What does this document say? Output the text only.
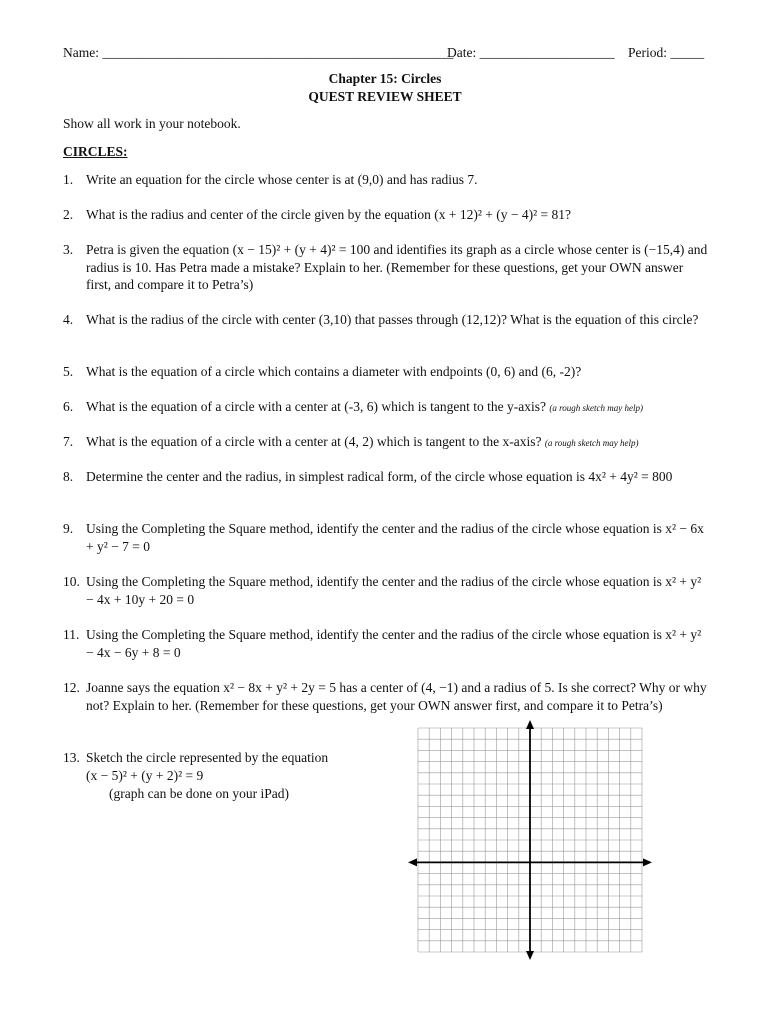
Name: ____________________________________________________
Date: ____________________ Period: _____
Chapter 15: Circles
QUEST REVIEW SHEET
Show all work in your notebook.
CIRCLES:
1. Write an equation for the circle whose center is at (9,0) and has radius 7.
2. What is the radius and center of the circle given by the equation (x + 12)² + (y − 4)² = 81?
3. Petra is given the equation (x − 15)² + (y + 4)² = 100 and identifies its graph as a circle whose center is (−15,4) and radius is 10. Has Petra made a mistake? Explain to her. (Remember for these questions, get your OWN answer first, and compare it to Petra’s)
4. What is the radius of the circle with center (3,10) that passes through (12,12)? What is the equation of this circle?
5. What is the equation of a circle which contains a diameter with endpoints (0, 6) and (6, -2)?
6. What is the equation of a circle with a center at (-3, 6) which is tangent to the y-axis? (a rough sketch may help)
7. What is the equation of a circle with a center at (4, 2) which is tangent to the x-axis? (a rough sketch may help)
8. Determine the center and the radius, in simplest radical form, of the circle whose equation is 4x² + 4y² = 800
9. Using the Completing the Square method, identify the center and the radius of the circle whose equation is x² − 6x + y² − 7 = 0
10. Using the Completing the Square method, identify the center and the radius of the circle whose equation is x² + y² − 4x + 10y + 20 = 0
11. Using the Completing the Square method, identify the center and the radius of the circle whose equation is x² + y² − 4x − 6y + 8 = 0
12. Joanne says the equation x² − 8x + y² + 2y = 5 has a center of (4, −1) and a radius of 5. Is she correct? Why or why not? Explain to her. (Remember for these questions, get your OWN answer first, and compare it to Petra’s)
13. Sketch the circle represented by the equation
(x − 5)² + (y + 2)² = 9
(graph can be done on your iPad)
